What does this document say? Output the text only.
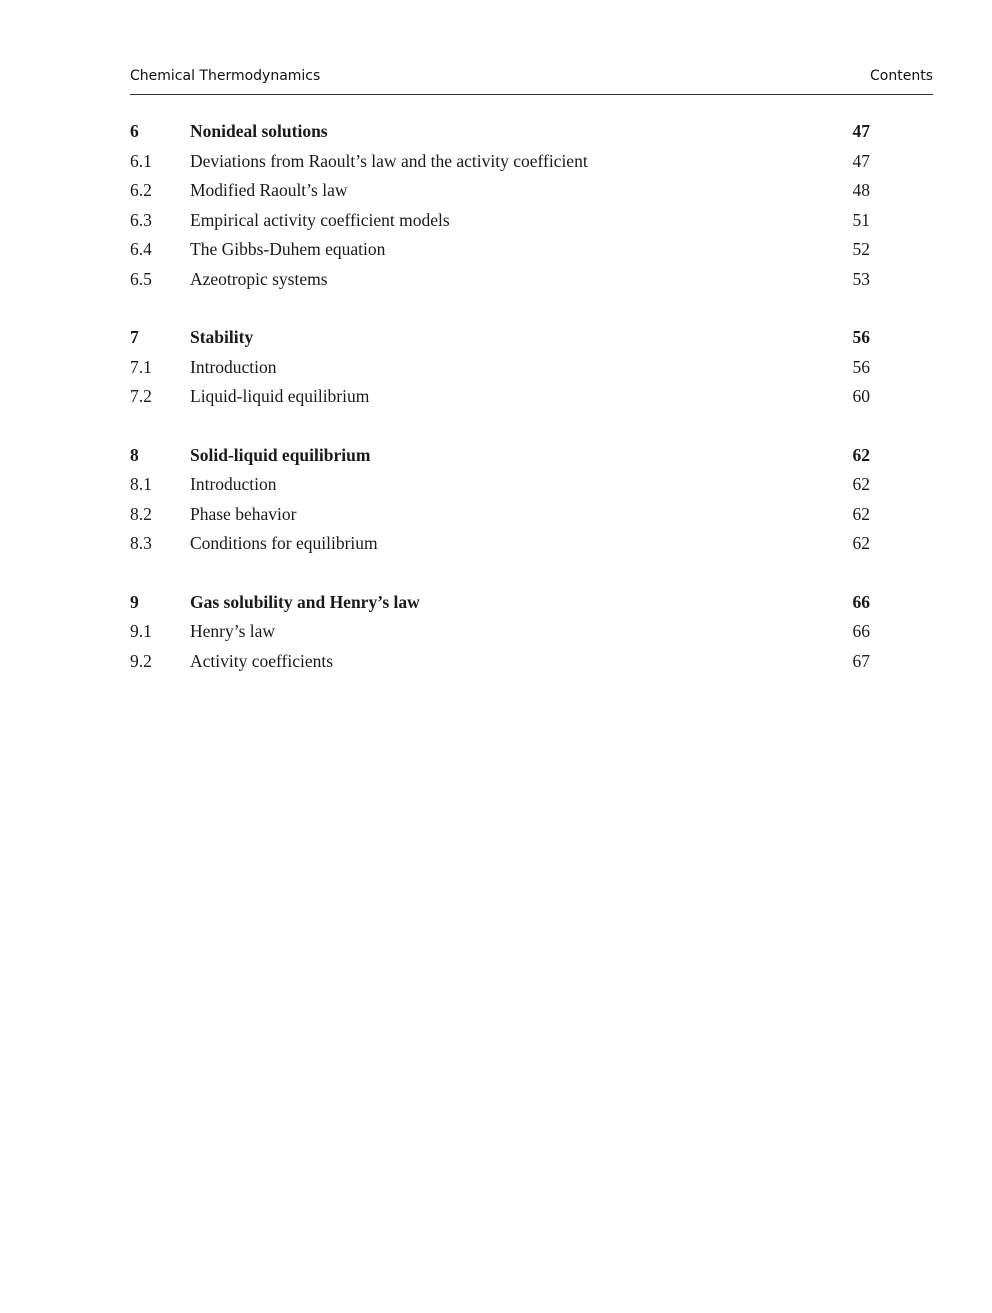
Chemical Thermodynamics	Contents
6	Nonideal solutions	47
6.1 Deviations from Raoult’s law and the activity coefficient	47
6.2 Modified Raoult’s law	48
6.3 Empirical activity coefficient models	51
6.4 The Gibbs-Duhem equation	52
6.5 Azeotropic systems	53
7	Stability	56
7.1 Introduction	56
7.2 Liquid-liquid equilibrium	60
8	Solid-liquid equilibrium	62
8.1 Introduction	62
8.2 Phase behavior	62
8.3 Conditions for equilibrium	62
9	Gas solubility and Henry’s law	66
9.1 Henry’s law	66
9.2 Activity coefficients	67
